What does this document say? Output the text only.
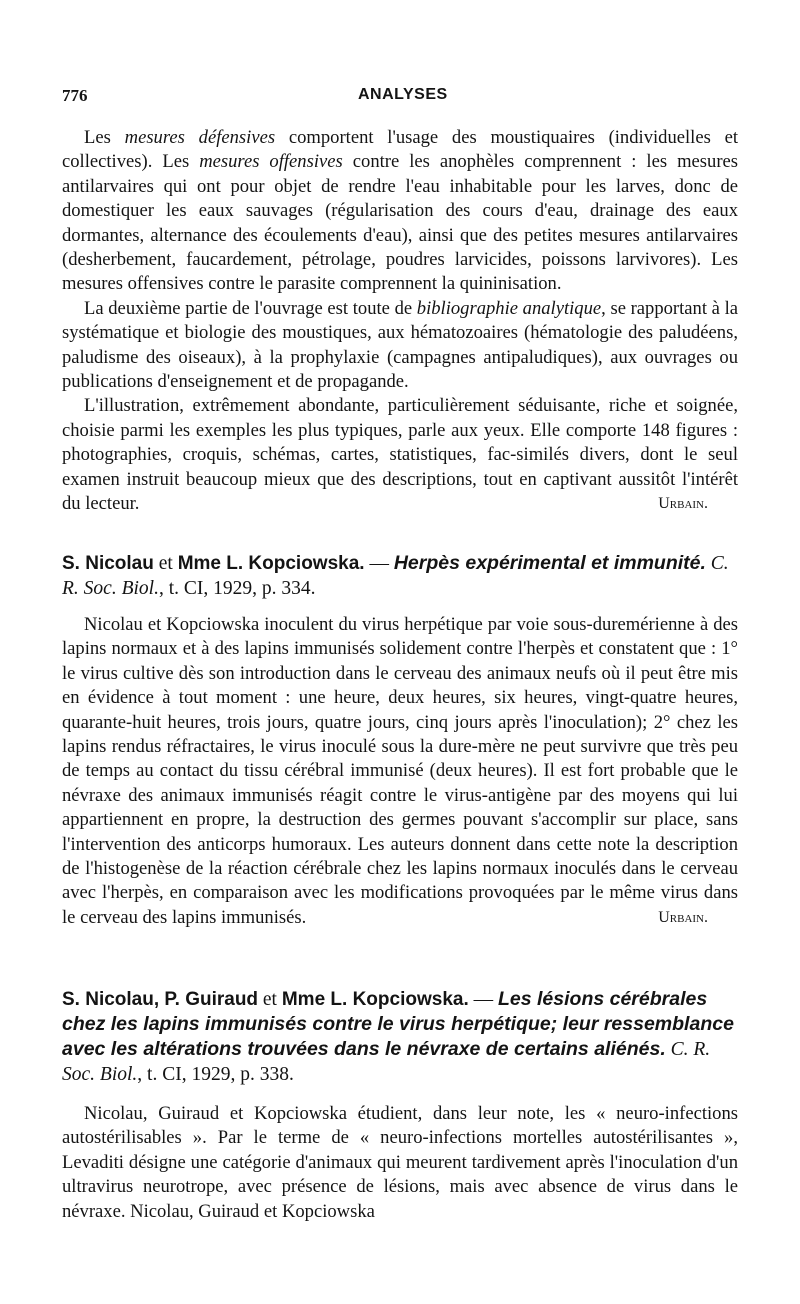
776	ANALYSES

Les mesures défensives comportent l'usage des moustiquaires (individuelles et collectives). Les mesures offensives contre les anophèles comprennent : les mesures antilarvaires qui ont pour objet de rendre l'eau inhabitable pour les larves, donc de domestiquer les eaux sauvages (régularisation des cours d'eau, drainage des eaux dormantes, alternance des écoulements d'eau), ainsi que des petites mesures antilarvaires (desherbement, faucardement, pétrolage, poudres larvicides, poissons larvivores). Les mesures offensives contre le parasite comprennent la quininisation.

La deuxième partie de l'ouvrage est toute de bibliographie analytique, se rapportant à la systématique et biologie des moustiques, aux hématozoaires (hématologie des paludéens, paludisme des oiseaux), à la prophylaxie (campagnes antipaludiques), aux ouvrages ou publications d'enseignement et de propagande.

L'illustration, extrêmement abondante, particulièrement séduisante, riche et soignée, choisie parmi les exemples les plus typiques, parle aux yeux. Elle comporte 148 figures : photographies, croquis, schémas, cartes, statistiques, fac-similés divers, dont le seul examen instruit beaucoup mieux que des descriptions, tout en captivant aussitôt l'intérêt du lecteur.	Urbain.
S. Nicolau et Mme L. Kopciowska. — Herpès expérimental et immunité. C. R. Soc. Biol., t. CI, 1929, p. 334.

Nicolau et Kopciowska inoculent du virus herpétique par voie sous-duremérienne à des lapins normaux et à des lapins immunisés solidement contre l'herpès et constatent que : 1° le virus cultive dès son introduction dans le cerveau des animaux neufs où il peut être mis en évidence à tout moment : une heure, deux heures, six heures, vingt-quatre heures, quarante-huit heures, trois jours, quatre jours, cinq jours après l'inoculation); 2° chez les lapins rendus réfractaires, le virus inoculé sous la dure-mère ne peut survivre que très peu de temps au contact du tissu cérébral immunisé (deux heures). Il est fort probable que le névraxe des animaux immunisés réagit contre le virus-antigène par des moyens qui lui appartiennent en propre, la destruction des germes pouvant s'accomplir sur place, sans l'intervention des anticorps humoraux. Les auteurs donnent dans cette note la description de l'histogenèse de la réaction cérébrale chez les lapins normaux inoculés dans le cerveau avec l'herpès, en comparaison avec les modifications provoquées par le même virus dans le cerveau des lapins immunisés.	Urbain.
S. Nicolau, P. Guiraud et Mme L. Kopciowska. — Les lésions cérébrales chez les lapins immunisés contre le virus herpétique; leur ressemblance avec les altérations trouvées dans le névraxe de certains aliénés. C. R. Soc. Biol., t. CI, 1929, p. 338.

Nicolau, Guiraud et Kopciowska étudient, dans leur note, les « neuro-infections autostérilisables ». Par le terme de « neuro-infections mortelles autostérilisantes », Levaditi désigne une catégorie d'animaux qui meurent tardivement après l'inoculation d'un ultravirus neurotrope, avec présence de lésions, mais avec absence de virus dans le névraxe. Nicolau, Guiraud et Kopciowska
